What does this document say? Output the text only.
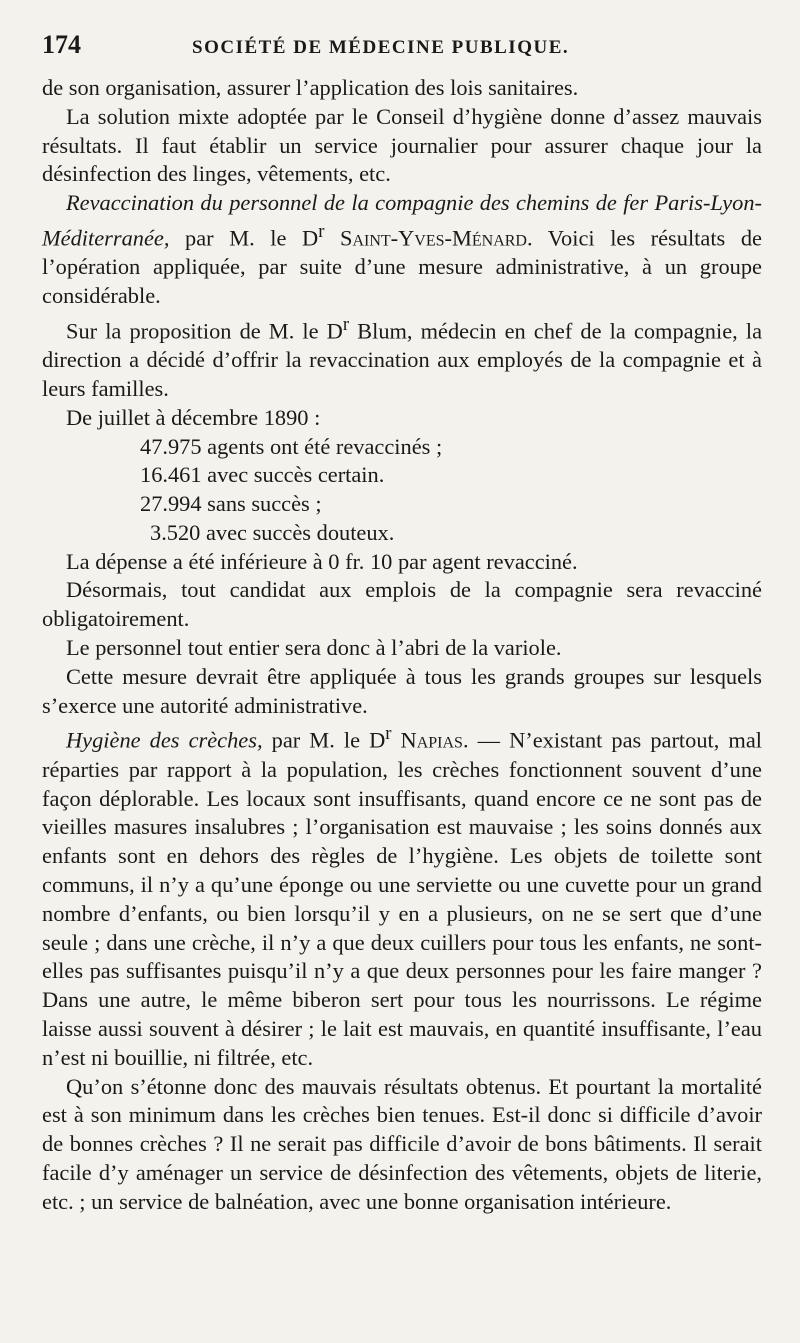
174	SOCIÉTÉ DE MÉDECINE PUBLIQUE.

de son organisation, assurer l’application des lois sanitaires.

La solution mixte adoptée par le Conseil d’hygiène donne d’assez mauvais résultats. Il faut établir un service journalier pour assurer chaque jour la désinfection des linges, vêtements, etc.

Revaccination du personnel de la compagnie des chemins de fer Paris-Lyon-Méditerranée, par M. le $D^r$ Saint-Yves-Ménard. Voici les résultats de l’opération appliquée, par suite d’une mesure administrative, à un groupe considérable.

Sur la proposition de M. le $D^r$ Blum, médecin en chef de la compagnie, la direction a décidé d’offrir la revaccination aux employés de la compagnie et à leurs familles.

De juillet à décembre 1890 :

47.975 agents ont été revaccinés ;

16.461 avec succès certain.

27.994 sans succès ;

3.520 avec succès douteux.

La dépense a été inférieure à 0 fr. 10 par agent revacciné.

Désormais, tout candidat aux emplois de la compagnie sera revacciné obligatoirement.

Le personnel tout entier sera donc à l’abri de la variole.

Cette mesure devrait être appliquée à tous les grands groupes sur lesquels s’exerce une autorité administrative.

Hygiène des crèches, par M. le $D^r$ Napias. — N’existant pas partout, mal réparties par rapport à la population, les crèches fonctionnent souvent d’une façon déplorable. Les locaux sont insuffisants, quand encore ce ne sont pas de vieilles masures insalubres ; l’organisation est mauvaise ; les soins donnés aux enfants sont en dehors des règles de l’hygiène. Les objets de toilette sont communs, il n’y a qu’une éponge ou une serviette ou une cuvette pour un grand nombre d’enfants, ou bien lorsqu’il y en a plusieurs, on ne se sert que d’une seule ; dans une crèche, il n’y a que deux cuillers pour tous les enfants, ne sont-elles pas suffisantes puisqu’il n’y a que deux personnes pour les faire manger ? Dans une autre, le même biberon sert pour tous les nourrissons. Le régime laisse aussi souvent à désirer ; le lait est mauvais, en quantité insuffisante, l’eau n’est ni bouillie, ni filtrée, etc.

Qu’on s’étonne donc des mauvais résultats obtenus. Et pourtant la mortalité est à son minimum dans les crèches bien tenues. Est-il donc si difficile d’avoir de bonnes crèches ? Il ne serait pas difficile d’avoir de bons bâtiments. Il serait facile d’y aménager un service de désinfection des vêtements, objets de literie, etc. ; un service de balnéation, avec une bonne organisation intérieure.
